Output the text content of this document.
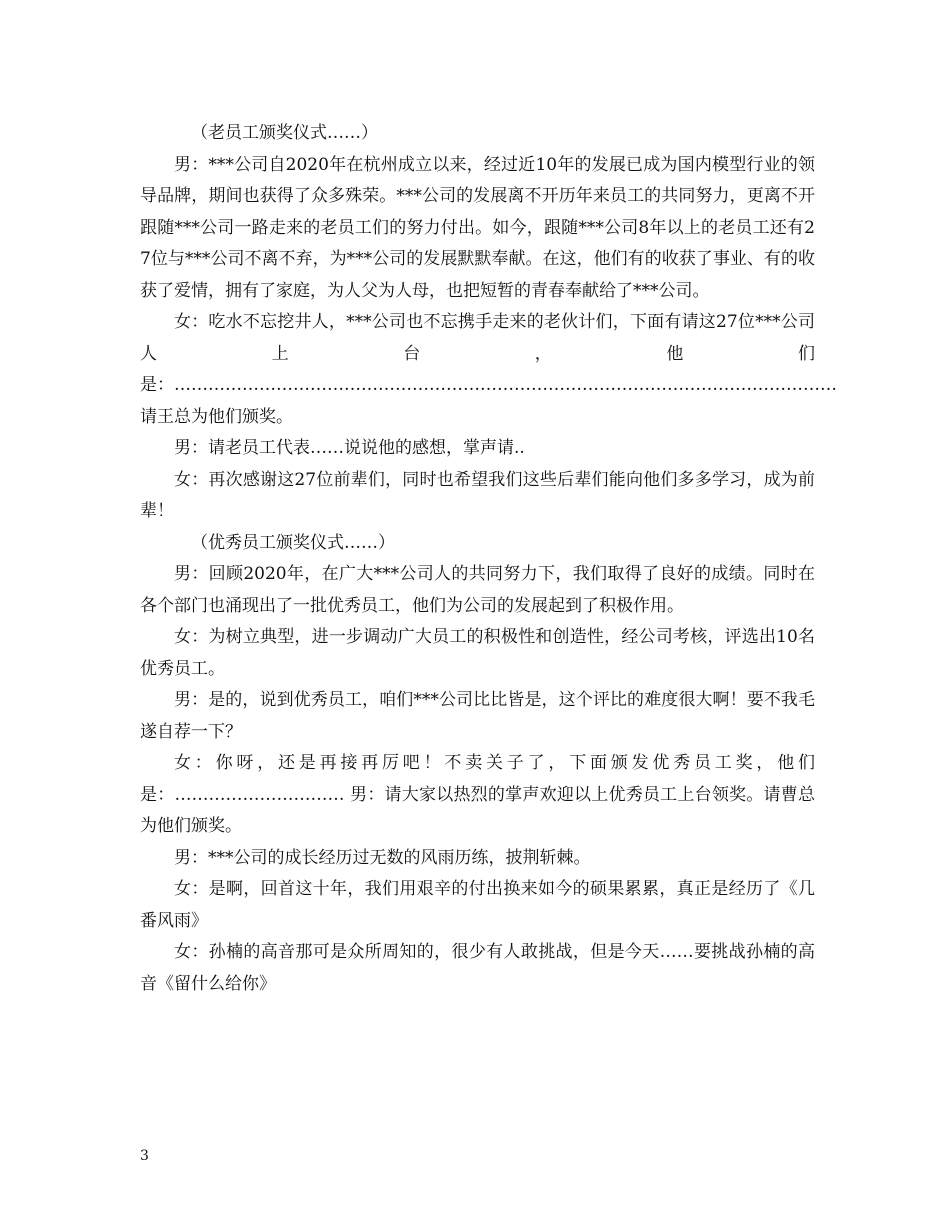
（老员工颁奖仪式……）

男：***公司自2020年在杭州成立以来，经过近10年的发展已成为国内模型行业的领导品牌，期间也获得了众多殊荣。***公司的发展离不开历年来员工的共同努力，更离不开跟随***公司一路走来的老员工们的努力付出。如今，跟随***公司8年以上的老员工还有27位与***公司不离不弃，为***公司的发展默默奉献。在这，他们有的收获了事业、有的收获了爱情，拥有了家庭，为人父为人母，也把短暂的青春奉献给了***公司。

女：吃水不忘挖井人，***公司也不忘携手走来的老伙计们，下面有请这27位***公司人上台，他们是：……………………………………………………………………………………………………… 请王总为他们颁奖。

男：请老员工代表……说说他的感想，掌声请..

女：再次感谢这27位前辈们，同时也希望我们这些后辈们能向他们多多学习，成为前辈！

（优秀员工颁奖仪式……）

男：回顾2020年，在广大***公司人的共同努力下，我们取得了良好的成绩。同时在各个部门也涌现出了一批优秀员工，他们为公司的发展起到了积极作用。

女：为树立典型，进一步调动广大员工的积极性和创造性，经公司考核，评选出10名优秀员工。

男：是的，说到优秀员工，咱们***公司比比皆是，这个评比的难度很大啊！要不我毛遂自荐一下？

女：你呀，还是再接再厉吧！不卖关子了，下面颁发优秀员工奖，他们是：………………………… 男：请大家以热烈的掌声欢迎以上优秀员工上台领奖。请曹总为他们颁奖。

男：***公司的成长经历过无数的风雨历练，披荆斩棘。

女：是啊，回首这十年，我们用艰辛的付出换来如今的硕果累累，真正是经历了《几番风雨》

女：孙楠的高音那可是众所周知的，很少有人敢挑战，但是今天……要挑战孙楠的高音《留什么给你》

3
